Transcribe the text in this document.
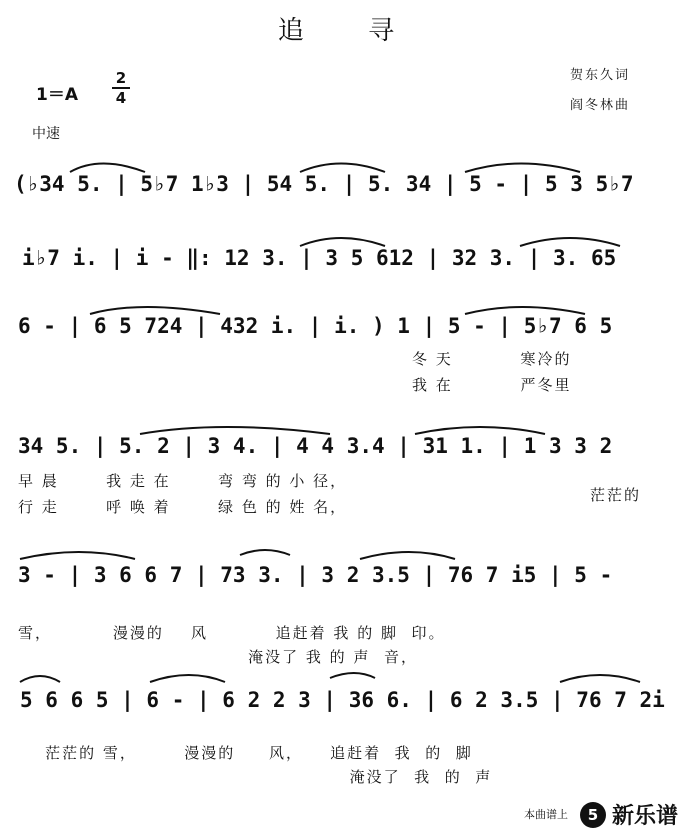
追 寻
贺东久词
阎冬林曲
1＝A
2
4
中速
(♭34 5. | 5♭7 1♭3 | 54 5. | 5. 34 | 5 - | 5 3 5♭7
i♭7 i. | i - ‖: 12 3. | 3 5 612 | 32 3. | 3. 65
6 - | 6 5 724 | 432 i. | i. ) 1 | 5 - | 5♭7 6 5
冬 天          寒冷的
我 在          严冬里
34 5. | 5. 2 | 3 4. | 4 4 3.4 | 31 1. | 1 3 3 2
早 晨       我 走 在       弯 弯 的 小 径，
行 走       呼 唤 着       绿 色 的 姓 名，
茫茫的
3 - | 3 6 6 7 | 73 3. | 3 2 3.5 | 76 7 i5 | 5 -
雪，         漫漫的    风          追赶着 我 的 脚  印。
淹没了 我 的 声  音，
5 6 6 5 | 6 - | 6 2 2 3 | 36 6. | 6 2 3.5 | 76 7 2i
茫茫的 雪，       漫漫的     风，    追赶着  我  的  脚
淹没了  我  的  声
本曲谱上	5 新乐谱
